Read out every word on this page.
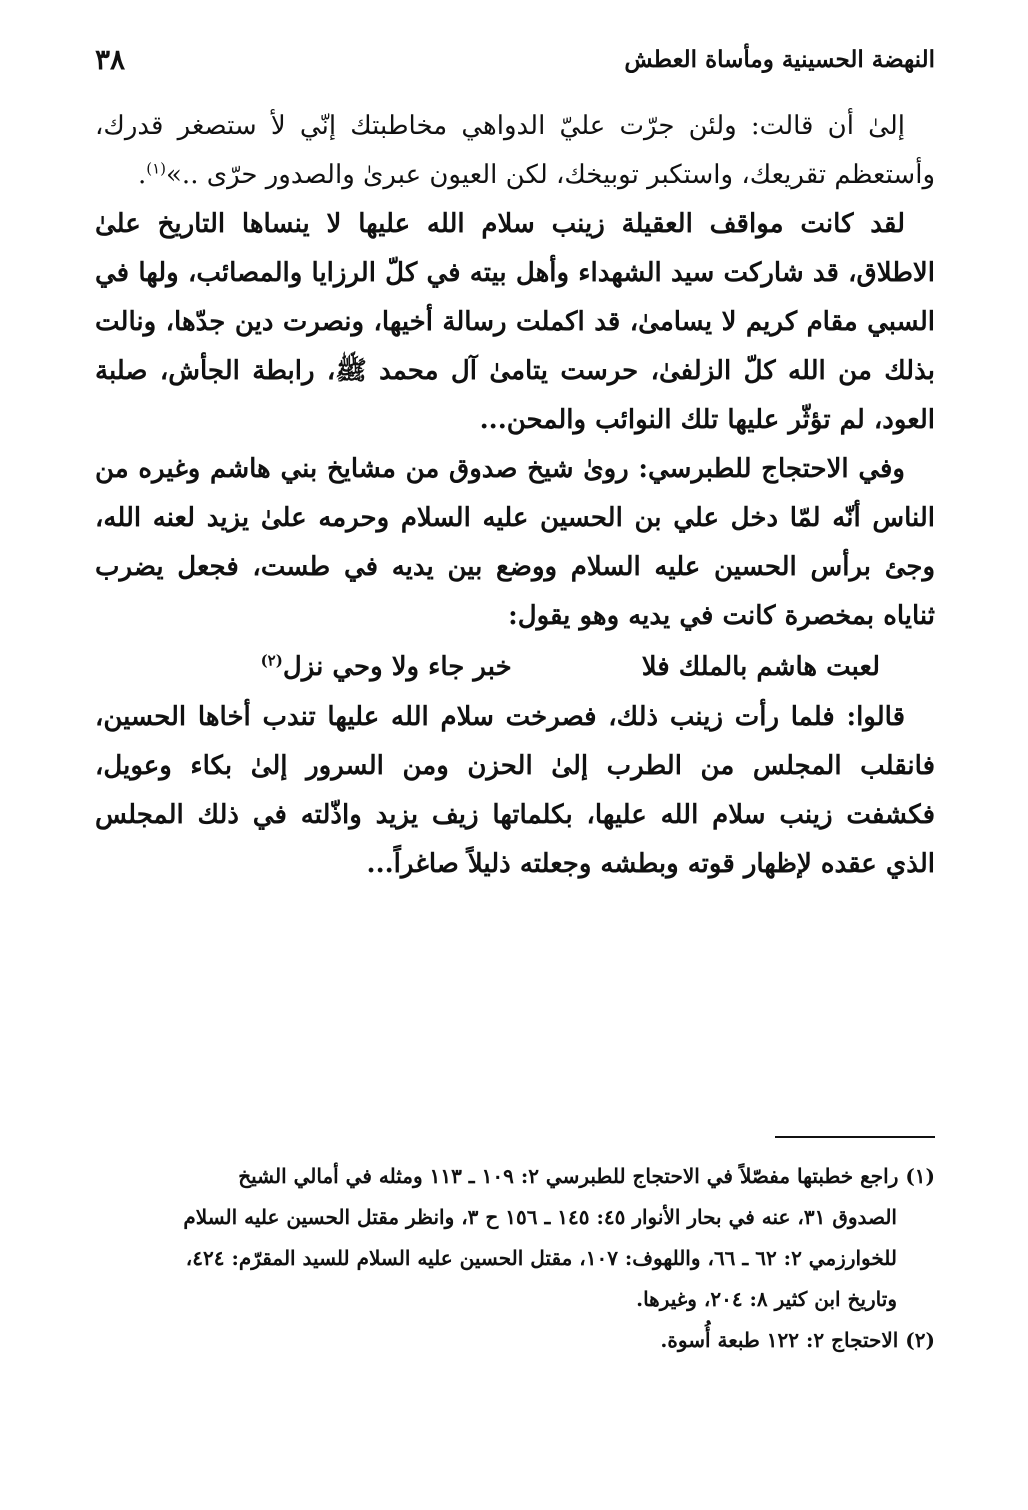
النهضة الحسينية ومأساة العطش
٣٨

إلىٰ أن قالت: ولئن جرّت عليّ الدواهي مخاطبتك إنّي لأ ستصغر قدرك، وأستعظم تقريعك، واستكبر توبيخك، لكن العيون عبرىٰ والصدور حرّى ..»$^{(١)}$.

لقد كانت مواقف العقيلة زينب سلام الله عليها لا ينساها التاريخ علىٰ الاطلاق، قد شاركت سيد الشهداء وأهل بيته في كلّ الرزايا والمصائب، ولها في السبي مقام كريم لا يسامىٰ، قد اكملت رسالة أخيها، ونصرت دين جدّها، ونالت بذلك من الله كلّ الزلفىٰ، حرست يتامىٰ آل محمد ﷺ، رابطة الجأش، صلبة العود، لم تؤثّر عليها تلك النوائب والمحن...

وفي الاحتجاج للطبرسي: روىٰ شيخ صدوق من مشايخ بني هاشم وغيره من الناس أنّه لمّا دخل علي بن الحسين عليه السلام وحرمه علىٰ يزيد لعنه الله، وجئ برأس الحسين عليه السلام ووضع بين يديه في طست، فجعل يضرب ثناياه بمخصرة كانت في يديه وهو يقول:

لعبت هاشم بالملك فلا
خبر جاء ولا وحي نزل$^{(٢)}$

قالوا: فلما رأت زينب ذلك، فصرخت سلام الله عليها تندب أخاها الحسين، فانقلب المجلس من الطرب إلىٰ الحزن ومن السرور إلىٰ بكاء وعويل، فكشفت زينب سلام الله عليها، بكلماتها زيف يزيد واذّلته في ذلك المجلس الذي عقده لإظهار قوته وبطشه وجعلته ذليلاً صاغراً...

(١) راجع خطبتها مفصّلاً في الاحتجاج للطبرسي ٢: ١٠٩ ـ ١١٣ ومثله في أمالي الشيخ

الصدوق ٣١، عنه في بحار الأنوار ٤٥: ١٤٥ ـ ١٥٦ ح ٣، وانظر مقتل الحسين عليه السلام

للخوارزمي ٢: ٦٢ ـ ٦٦، واللهوف: ١٠٧، مقتل الحسين عليه السلام للسيد المقرّم: ٤٢٤،

وتاريخ ابن كثير ٨: ٢٠٤، وغيرها.

(٢) الاحتجاج ٢: ١٢٢ طبعة أُسوة.
